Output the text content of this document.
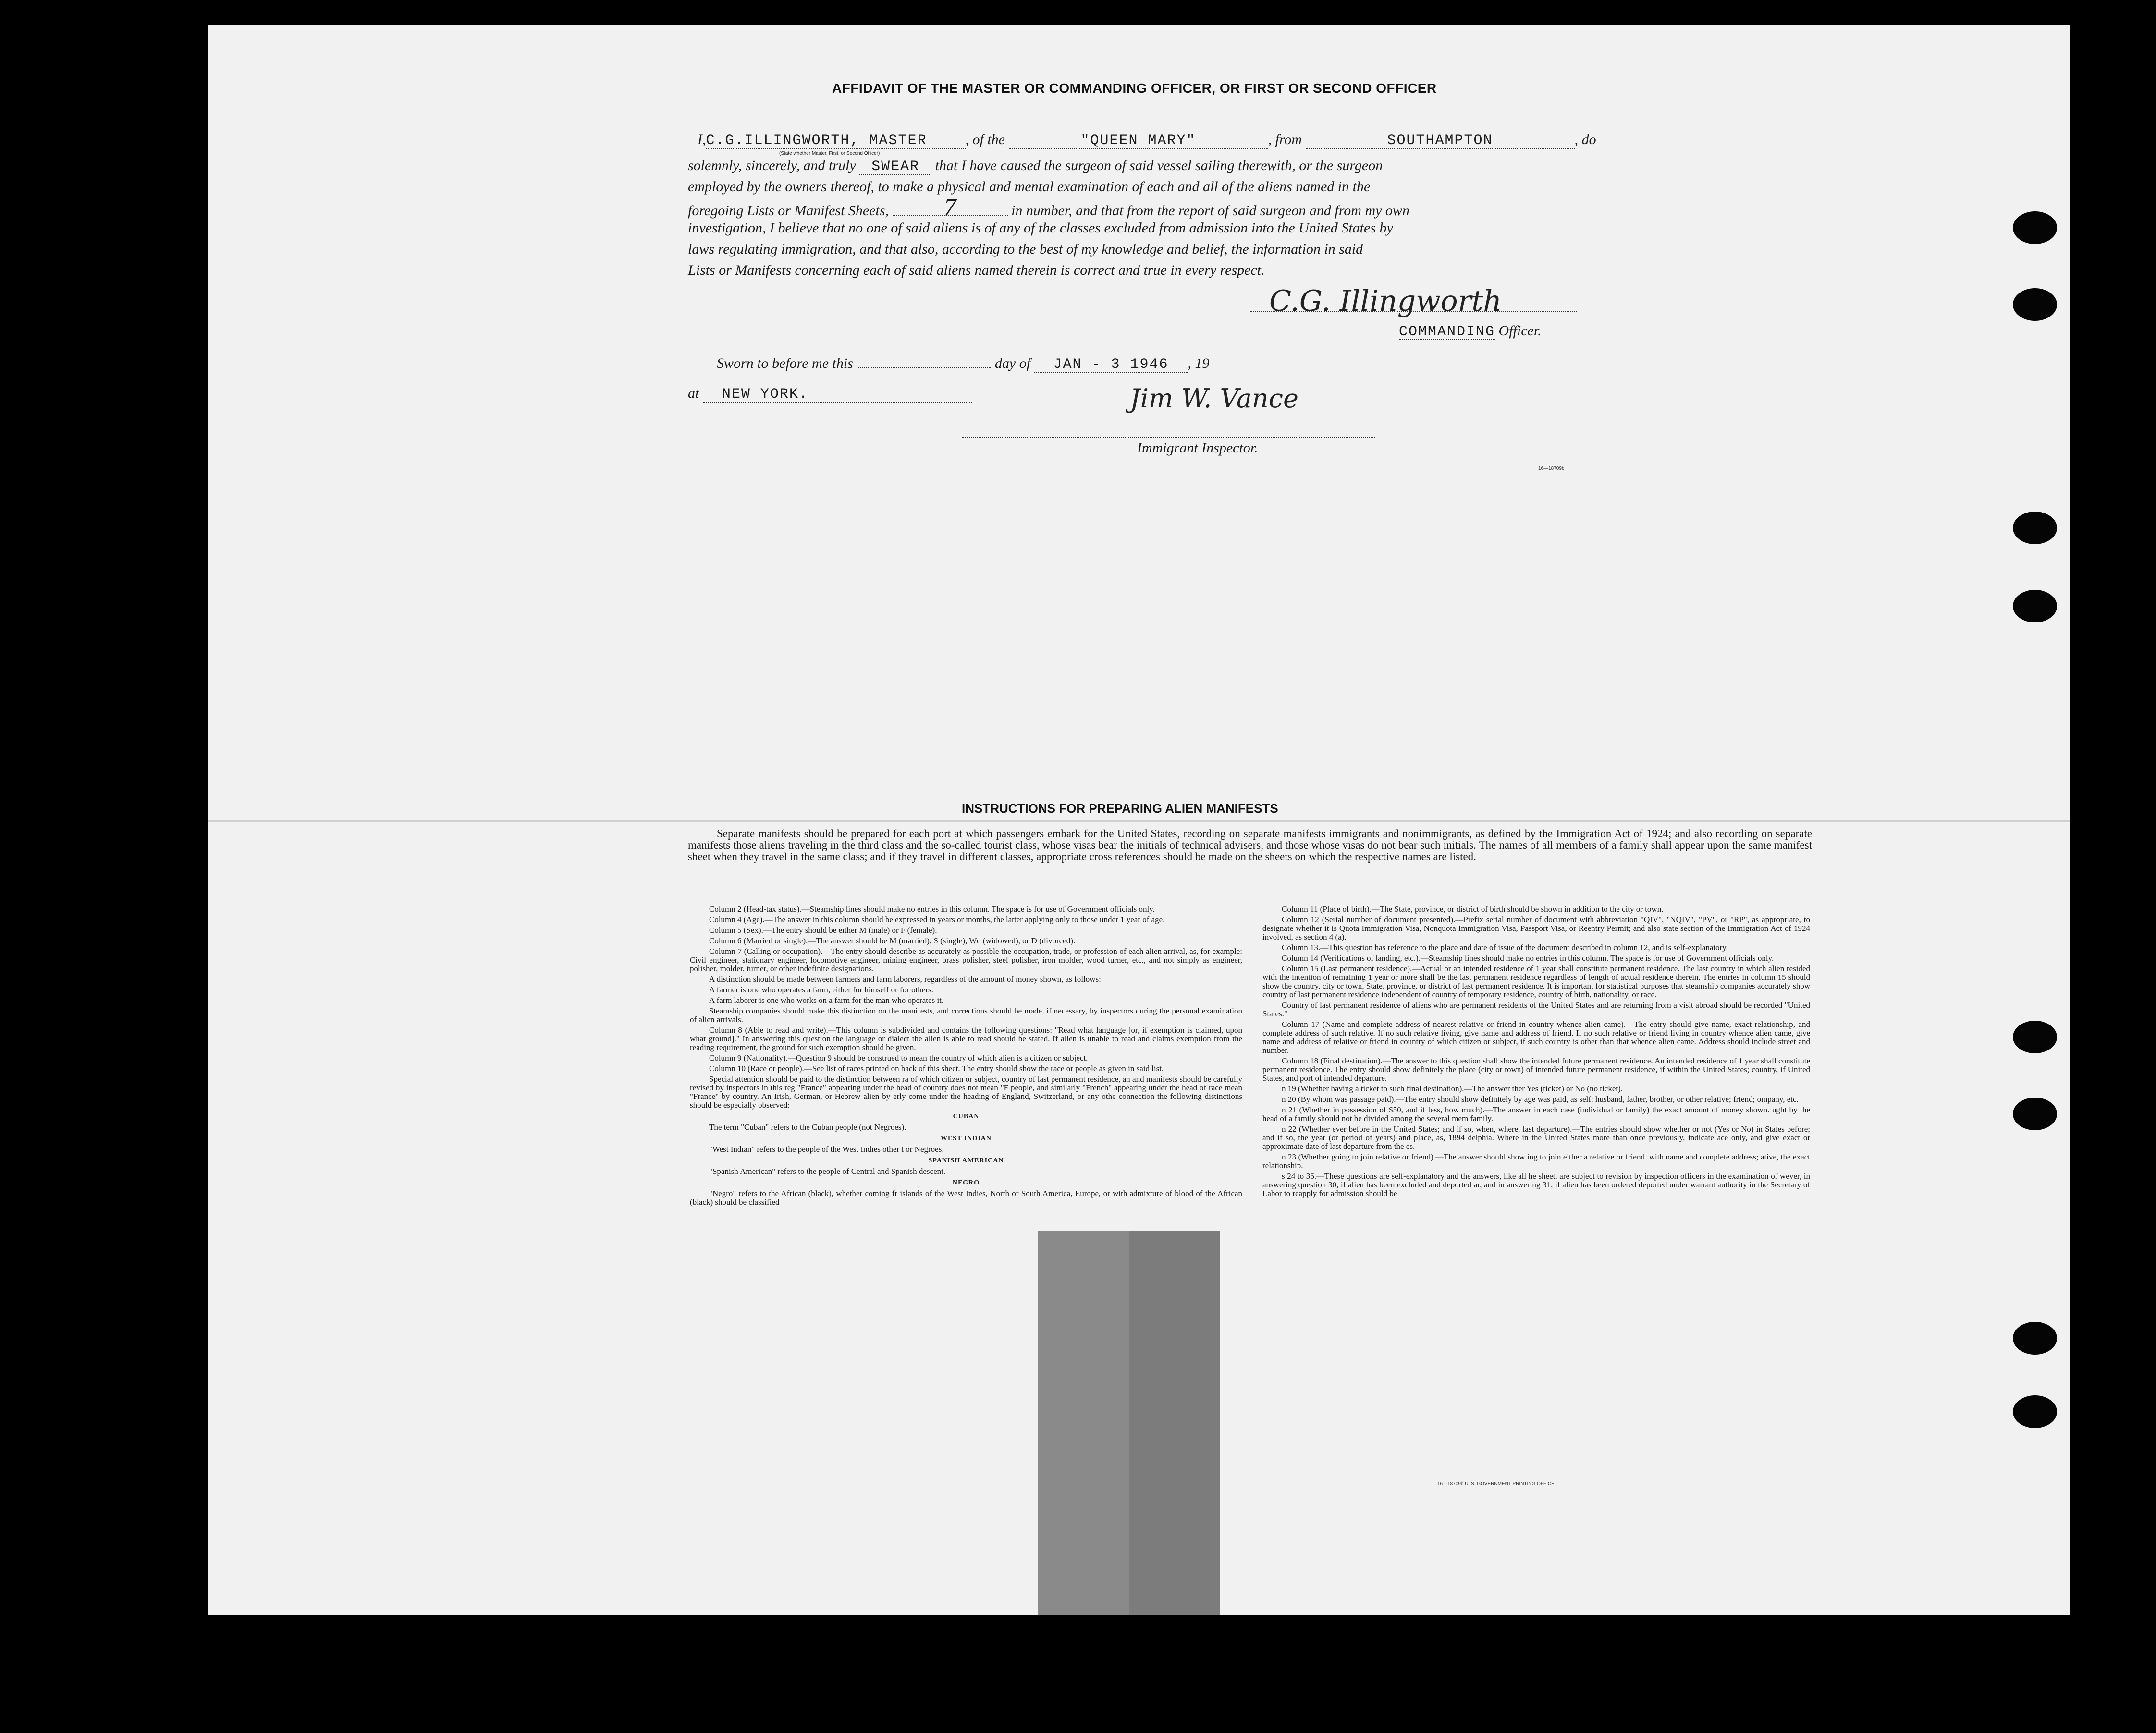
AFFIDAVIT OF THE MASTER OR COMMANDING OFFICER, OR FIRST OR SECOND OFFICER
I,C.G.ILLINGWORTH, MASTER	, of the	"QUEEN MARY"	, from	SOUTHAMPTON	, do
(State whether Master, First, or Second Officer)
solemnly, sincerely, and truly SWEAR that I have caused the surgeon of said vessel sailing therewith, or the surgeon
employed by the owners thereof, to make a physical and mental examination of each and all of the aliens named in the
foregoing Lists or Manifest Sheets, 7	in number, and that from the report of said surgeon and from my own
investigation, I believe that no one of said aliens is of any of the classes excluded from admission into the United States by
laws regulating immigration, and that also, according to the best of my knowledge and belief, the information in said
Lists or Manifests concerning each of said aliens named therein is correct and true in every respect.
C.G. Illingworth
COMMANDING Officer.
Sworn to before me this	day of JAN - 3 1946 , 19
at NEW YORK.	Jim W. Vance
Immigrant Inspector.
16—18709b
INSTRUCTIONS FOR PREPARING ALIEN MANIFESTS
Separate manifests should be prepared for each port at which passengers embark for the United States, recording on separate manifests immigrants and nonimmigrants, as defined by the Immigration Act of 1924; and also recording on separate manifests those aliens traveling in the third class and the so-called tourist class, whose visas bear the initials of technical advisers, and those whose visas do not bear such initials. The names of all members of a family shall appear upon the same manifest sheet when they travel in the same class; and if they travel in different classes, appropriate cross references should be made on the sheets on which the respective names are listed.

Column 2 (Head-tax status).—Steamship lines should make no entries in this column. The space is for use of Government officials only.

Column 4 (Age).—The answer in this column should be expressed in years or months, the latter applying only to those under 1 year of age.

Column 5 (Sex).—The entry should be either M (male) or F (female).

Column 6 (Married or single).—The answer should be M (married), S (single), Wd (widowed), or D (divorced).

Column 7 (Calling or occupation).—The entry should describe as accurately as possible the occupation, trade, or profession of each alien arrival, as, for example: Civil engineer, stationary engineer, locomotive engineer, mining engineer, brass polisher, steel polisher, iron molder, wood turner, etc., and not simply as engineer, polisher, molder, turner, or other indefinite designations.

A distinction should be made between farmers and farm laborers, regardless of the amount of money shown, as follows:

A farmer is one who operates a farm, either for himself or for others.

A farm laborer is one who works on a farm for the man who operates it.

Steamship companies should make this distinction on the manifests, and corrections should be made, if necessary, by inspectors during the personal examination of alien arrivals.

Column 8 (Able to read and write).—This column is subdivided and contains the following questions: "Read what language [or, if exemption is claimed, upon what ground]." In answering this question the language or dialect the alien is able to read should be stated. If alien is unable to read and claims exemption from the reading requirement, the ground for such exemption should be given.

Column 9 (Nationality).—Question 9 should be construed to mean the country of which alien is a citizen or subject.

Column 10 (Race or people).—See list of races printed on back of this sheet. The entry should show the race or people as given in said list.

Special attention should be paid to the distinction between ra of which citizen or subject, country of last permanent residence, an and manifests should be carefully revised by inspectors in this reg "France" appearing under the head of country does not mean "F people, and similarly "French" appearing under the head of race mean "France" by country. An Irish, German, or Hebrew alien by erly come under the heading of England, Switzerland, or any othe connection the following distinctions should be especially observed:

CUBAN

The term "Cuban" refers to the Cuban people (not Negroes).

WEST INDIAN

"West Indian" refers to the people of the West Indies other t or Negroes.

SPANISH AMERICAN

"Spanish American" refers to the people of Central and Spanish descent.

NEGRO

"Negro" refers to the African (black), whether coming fr islands of the West Indies, North or South America, Europe, or with admixture of blood of the African (black) should be classified

Column 11 (Place of birth).—The State, province, or district of birth should be shown in addition to the city or town.

Column 12 (Serial number of document presented).—Prefix serial number of document with abbreviation "QIV", "NQIV", "PV", or "RP", as appropriate, to designate whether it is Quota Immigration Visa, Nonquota Immigration Visa, Passport Visa, or Reentry Permit; and also state section of the Immigration Act of 1924 involved, as section 4 (a).

Column 13.—This question has reference to the place and date of issue of the document described in column 12, and is self-explanatory.

Column 14 (Verifications of landing, etc.).—Steamship lines should make no entries in this column. The space is for use of Government officials only.

Column 15 (Last permanent residence).—Actual or an intended residence of 1 year shall constitute permanent residence. The last country in which alien resided with the intention of remaining 1 year or more shall be the last permanent residence regardless of length of actual residence therein. The entries in column 15 should show the country, city or town, State, province, or district of last permanent residence. It is important for statistical purposes that steamship companies accurately show country of last permanent residence independent of country of temporary residence, country of birth, nationality, or race.

Country of last permanent residence of aliens who are permanent residents of the United States and are returning from a visit abroad should be recorded "United States."

Column 17 (Name and complete address of nearest relative or friend in country whence alien came).—The entry should give name, exact relationship, and complete address of such relative. If no such relative living, give name and address of friend. If no such relative or friend living in country whence alien came, give name and address of relative or friend in country of which citizen or subject, if such country is other than that whence alien came. Address should include street and number.

Column 18 (Final destination).—The answer to this question shall show the intended future permanent residence. An intended residence of 1 year shall constitute permanent residence. The entry should show definitely the place (city or town) of intended future permanent residence, if within the United States; country, if United States, and port of intended departure.

n 19 (Whether having a ticket to such final destination).—The answer ther Yes (ticket) or No (no ticket).

n 20 (By whom was passage paid).—The entry should show definitely by age was paid, as self; husband, father, brother, or other relative; friend; ompany, etc.

n 21 (Whether in possession of $50, and if less, how much).—The answer in each case (individual or family) the exact amount of money shown. ught by the head of a family should not be divided among the several mem family.

n 22 (Whether ever before in the United States; and if so, when, where, last departure).—The entries should show whether or not (Yes or No) in States before; and if so, the year (or period of years) and place, as, 1894 delphia. Where in the United States more than once previously, indicate ace only, and give exact or approximate date of last departure from the es.

n 23 (Whether going to join relative or friend).—The answer should show ing to join either a relative or friend, with name and complete address; ative, the exact relationship.

s 24 to 36.—These questions are self-explanatory and the answers, like all he sheet, are subject to revision by inspection officers in the examination of wever, in answering question 30, if alien has been excluded and deported ar, and in answering 31, if alien has been ordered deported under warrant authority in the Secretary of Labor to reapply for admission should be

16—18709b U. S. GOVERNMENT PRINTING OFFICE
